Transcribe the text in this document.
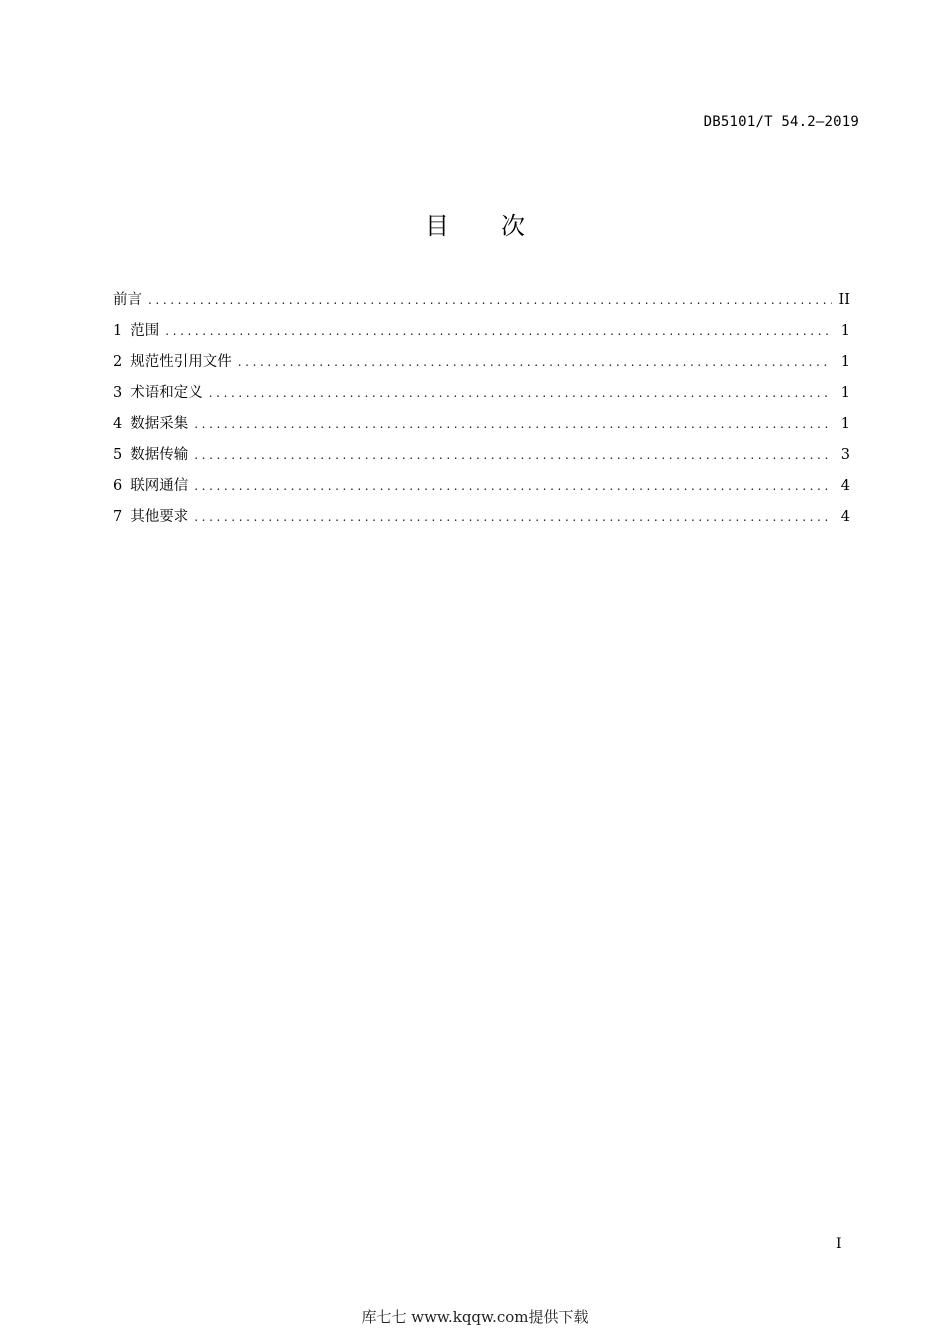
DB5101/T 54.2—2019
目 次
前言 .....	II
1 范围 .....	1
2 规范性引用文件 .....	1
3 术语和定义 .....	1
4 数据采集 .....	1
5 数据传输 .....	3
6 联网通信 .....	4
7 其他要求 .....	4
I
库七七 www.kqqw.com提供下载
